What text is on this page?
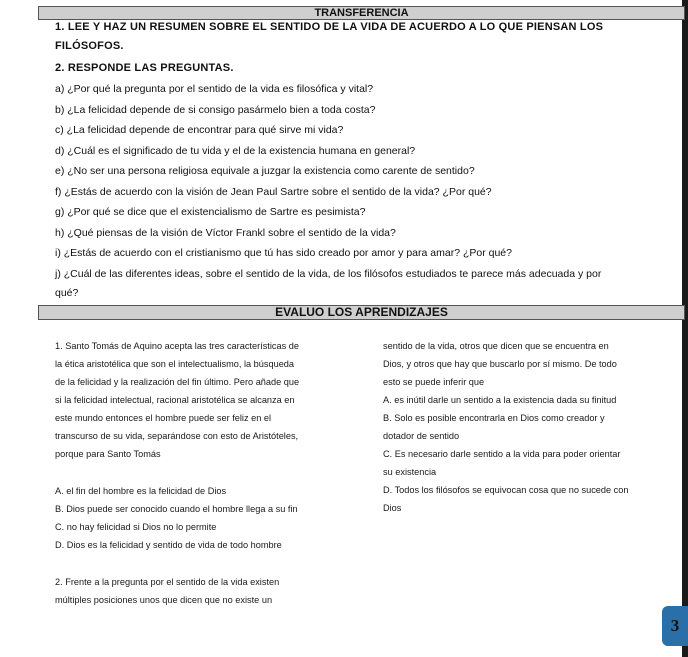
TRANSFERENCIA
1. LEE Y HAZ UN RESUMEN SOBRE EL SENTIDO DE LA VIDA DE ACUERDO A LO QUE PIENSAN LOS
FILÓSOFOS.
2. RESPONDE LAS PREGUNTAS.
a) ¿Por qué la pregunta por el sentido de la vida es filosófica y vital?
b) ¿La felicidad depende de si consigo pasármelo bien a toda costa?
c) ¿La felicidad depende de encontrar para qué sirve mi vida?
d) ¿Cuál es el significado de tu vida y el de la existencia humana en general?
e) ¿No ser una persona religiosa equivale a juzgar la existencia como carente de sentido?
f) ¿Estás de acuerdo con la visión de Jean Paul Sartre sobre el sentido de la vida? ¿Por qué?
g) ¿Por qué se dice que el existencialismo de Sartre es pesimista?
h) ¿Qué piensas de la visión de Víctor Frankl sobre el sentido de la vida?
i) ¿Estás de acuerdo con el cristianismo que tú has sido creado por amor y para amar? ¿Por qué?
j) ¿Cuál de las diferentes ideas, sobre el sentido de la vida, de los filósofos estudiados te parece más adecuada y por
qué?
EVALUO LOS APRENDIZAJES

1. Santo Tomás de Aquino acepta las tres características de

la ética aristotélica que son el intelectualismo, la búsqueda

de la felicidad y la realización del fin último. Pero añade que

si la felicidad intelectual, racional aristotélica se alcanza en

este mundo entonces el hombre puede ser feliz en el

transcurso de su vida, separándose con esto de Aristóteles,

porque para Santo Tomás

A. el fin del hombre es la felicidad de Dios

B. Dios puede ser conocido cuando el hombre llega a su fin

C. no hay felicidad si Dios no lo permite

D. Dios es la felicidad y sentido de vida de todo hombre

2. Frente a la pregunta por el sentido de la vida existen

múltiples posiciones unos que dicen que no existe un

sentido de la vida, otros que dicen que se encuentra en

Dios, y otros que hay que buscarlo por sí mismo. De todo

esto se puede inferir que

A. es inútil darle un sentido a la existencia dada su finitud

B. Solo es posible encontrarla en Dios como creador y

dotador de sentido

C. Es necesario darle sentido a la vida para poder orientar

su existencia

D. Todos los filósofos se equivocan cosa que no sucede con

Dios

3
